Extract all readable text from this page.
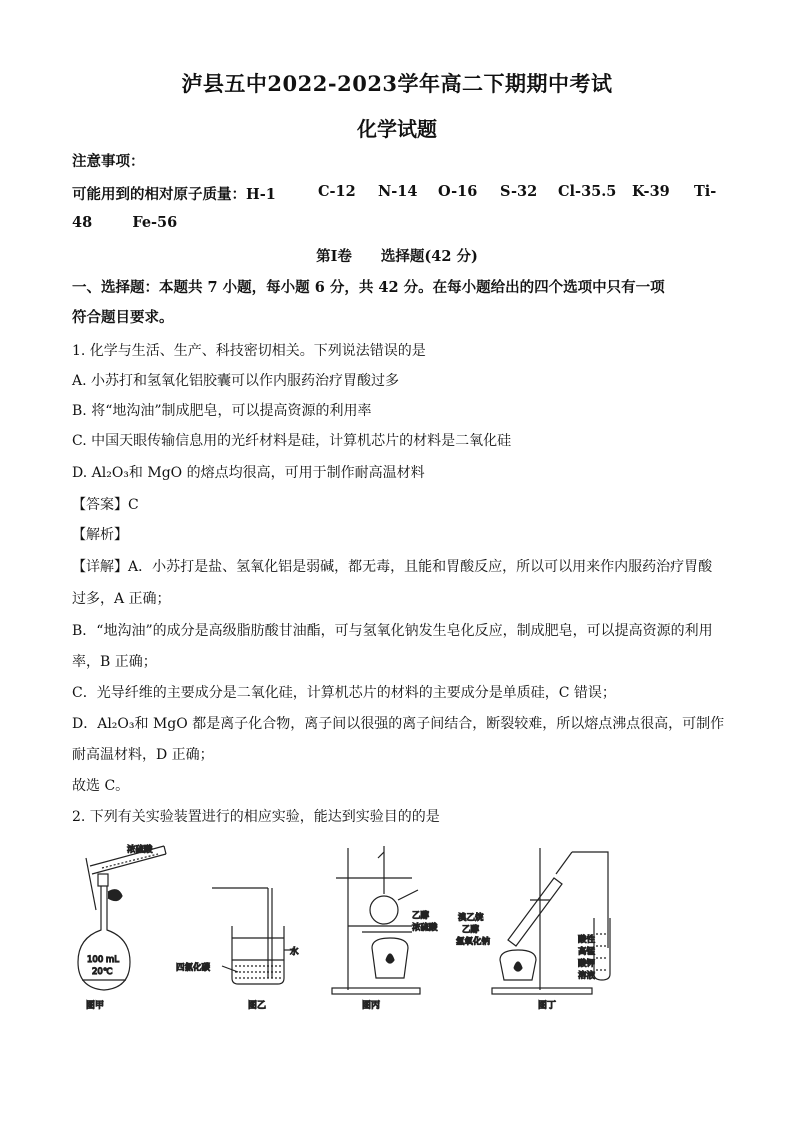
泸县五中2022-2023学年高二下期期中考试
化学试题
注意事项：
可能用到的相对原子质量：H-1	C-12 N-14 O-16 S-32 Cl-35.5 K-39 Ti-
48	Fe-56
第I卷　　选择题(42 分)
一、选择题：本题共 7 小题，每小题 6 分，共 42 分。在每小题给出的四个选项中只有一项
符合题目要求。
1. 化学与生活、生产、科技密切相关。下列说法错误的是
A. 小苏打和氢氧化铝胶囊可以作内服药治疗胃酸过多
B. 将“地沟油”制成肥皂，可以提高资源的利用率
C. 中国天眼传输信息用的光纤材料是硅，计算机芯片的材料是二氧化硅
D. Al₂O₃和 MgO 的熔点均很高，可用于制作耐高温材料
【答案】C
【解析】
【详解】A．小苏打是盐、氢氧化铝是弱碱，都无毒，且能和胃酸反应，所以可以用来作内服药治疗胃酸
过多，A 正确；
B．“地沟油”的成分是高级脂肪酸甘油酯，可与氢氧化钠发生皂化反应，制成肥皂，可以提高资源的利用
率，B 正确；
C．光导纤维的主要成分是二氧化硅，计算机芯片的材料的主要成分是单质硅，C 错误；
D．Al₂O₃和 MgO 都是离子化合物，离子间以很强的离子间结合，断裂较难，所以熔点沸点很高，可制作
耐高温材料，D 正确；
故选 C。
2. 下列有关实验装置进行的相应实验，能达到实验目的的是
浓硫酸
100 mL
20℃
图甲
水
四氯化碳
图乙
乙醇
浓硫酸
图丙
溴乙烷
乙醇
氢氧化钠	酸性
高锰
酸钾
溶液
图丁
